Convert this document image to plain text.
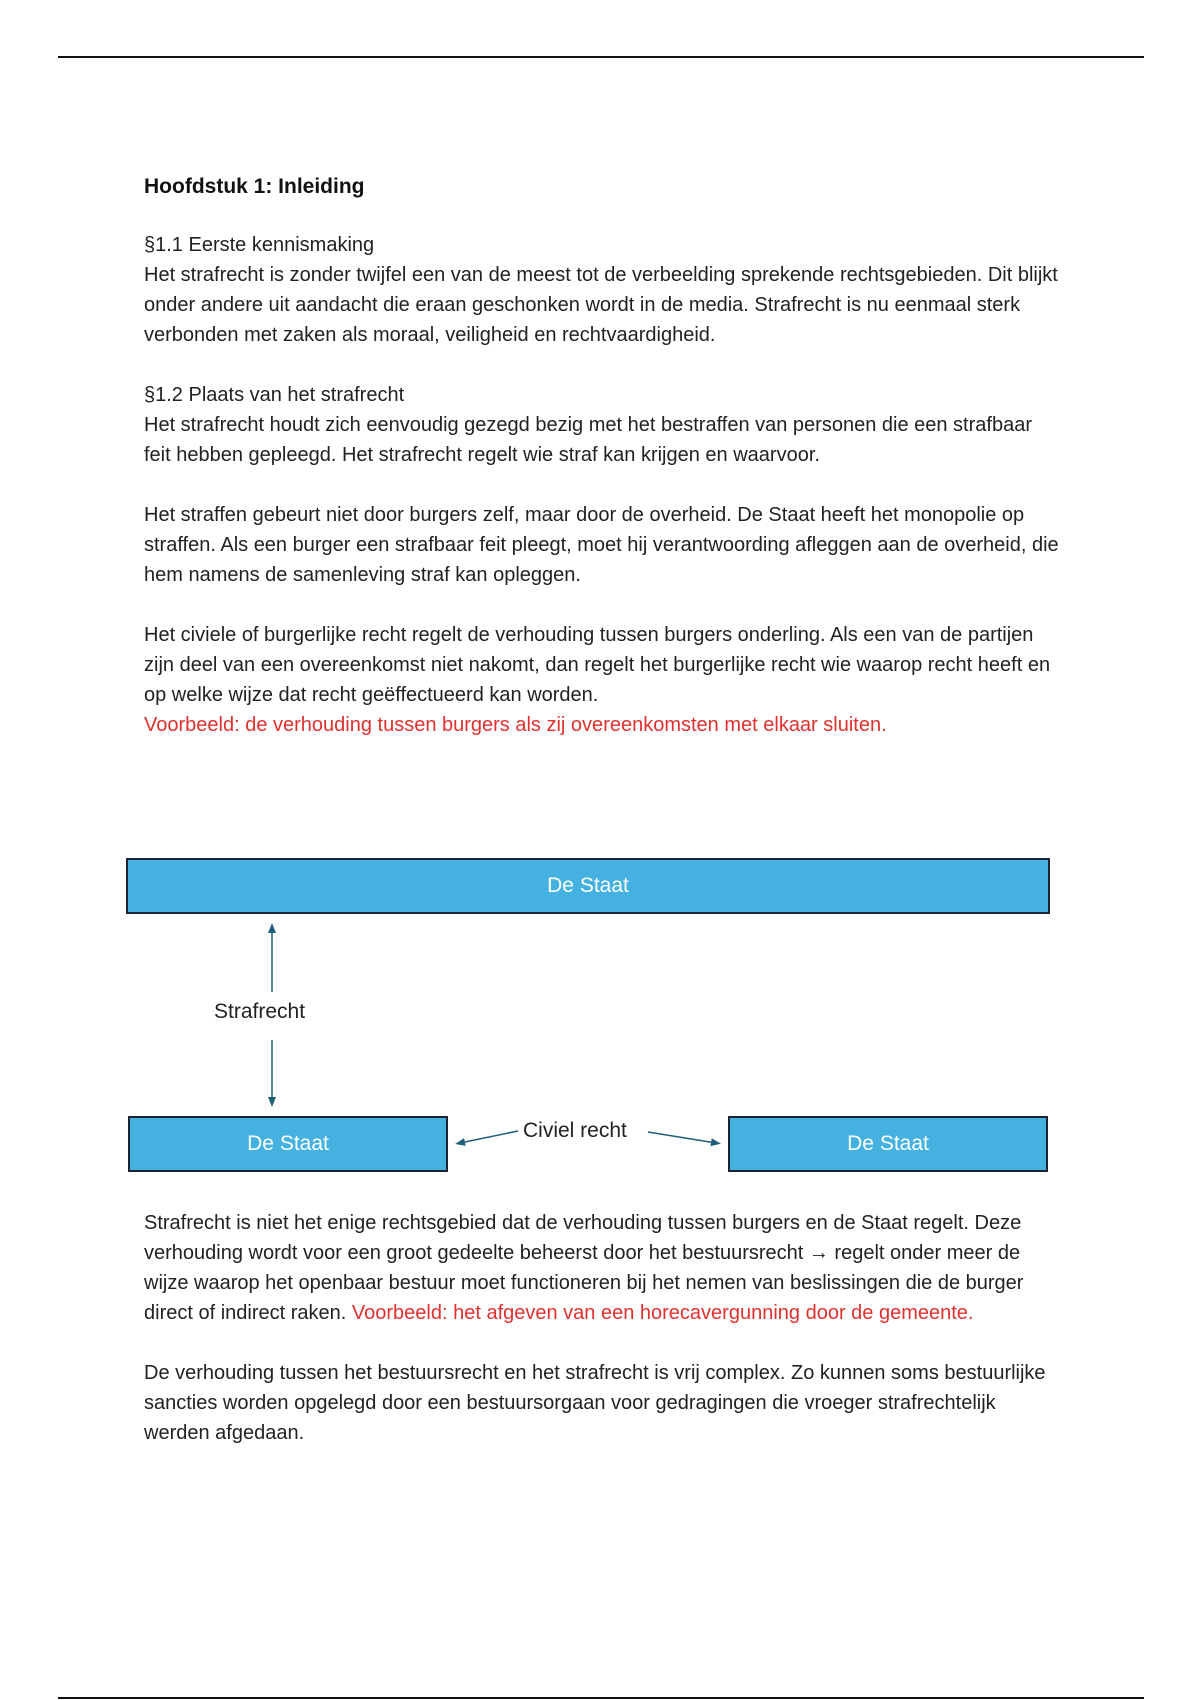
Hoofdstuk 1: Inleiding
§1.1 Eerste kennismaking

Het strafrecht is zonder twijfel een van de meest tot de verbeelding sprekende rechtsgebieden. Dit blijkt onder andere uit aandacht die eraan geschonken wordt in de media. Strafrecht is nu eenmaal sterk verbonden met zaken als moraal, veiligheid en rechtvaardigheid.

§1.2 Plaats van het strafrecht

Het strafrecht houdt zich eenvoudig gezegd bezig met het bestraffen van personen die een strafbaar feit hebben gepleegd. Het strafrecht regelt wie straf kan krijgen en waarvoor.

Het straffen gebeurt niet door burgers zelf, maar door de overheid. De Staat heeft het monopolie op straffen. Als een burger een strafbaar feit pleegt, moet hij verantwoording afleggen aan de overheid, die hem namens de samenleving straf kan opleggen.

Het civiele of burgerlijke recht regelt de verhouding tussen burgers onderling. Als een van de partijen zijn deel van een overeenkomst niet nakomt, dan regelt het burgerlijke recht wie waarop recht heeft en op welke wijze dat recht geëffectueerd kan worden.

Voorbeeld: de verhouding tussen burgers als zij overeenkomsten met elkaar sluiten.

De Staat
Strafrecht
De Staat
Civiel recht
De Staat

Strafrecht is niet het enige rechtsgebied dat de verhouding tussen burgers en de Staat regelt. Deze verhouding wordt voor een groot gedeelte beheerst door het bestuursrecht → regelt onder meer de wijze waarop het openbaar bestuur moet functioneren bij het nemen van beslissingen die de burger direct of indirect raken. Voorbeeld: het afgeven van een horecavergunning door de gemeente.

De verhouding tussen het bestuursrecht en het strafrecht is vrij complex. Zo kunnen soms bestuurlijke sancties worden opgelegd door een bestuursorgaan voor gedragingen die vroeger strafrechtelijk werden afgedaan.
